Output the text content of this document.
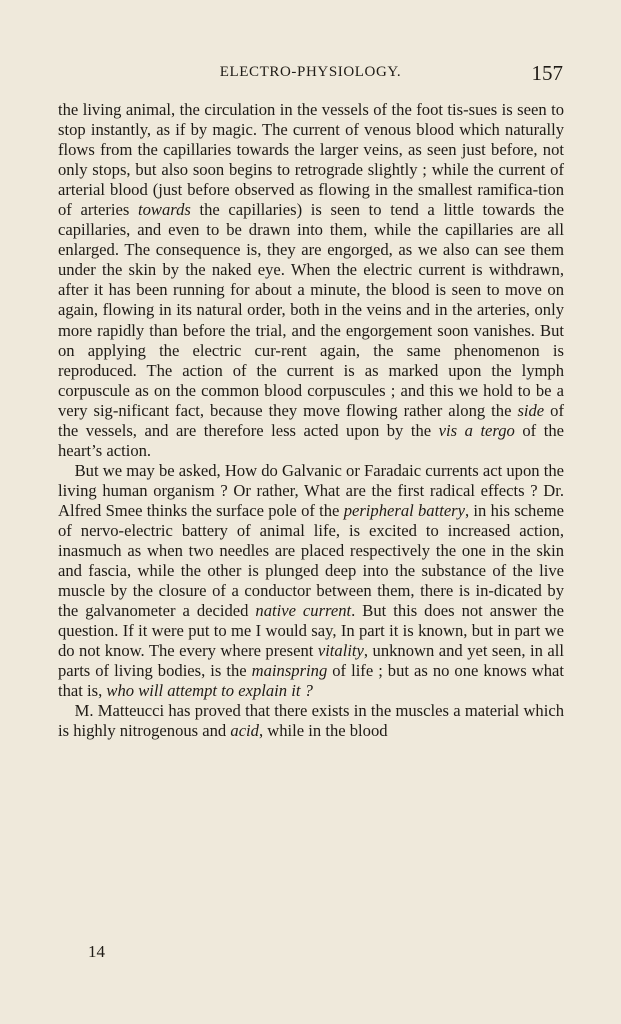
ELECTRO-PHYSIOLOGY.	157

the living animal, the circulation in the vessels of the foot tis-sues is seen to stop instantly, as if by magic. The current of venous blood which naturally flows from the capillaries towards the larger veins, as seen just before, not only stops, but also soon begins to retrograde slightly ; while the current of arterial blood (just before observed as flowing in the smallest ramifica-tion of arteries towards the capillaries) is seen to tend a little towards the capillaries, and even to be drawn into them, while the capillaries are all enlarged. The consequence is, they are engorged, as we also can see them under the skin by the naked eye. When the electric current is withdrawn, after it has been running for about a minute, the blood is seen to move on again, flowing in its natural order, both in the veins and in the arteries, only more rapidly than before the trial, and the engorgement soon vanishes. But on applying the electric cur-rent again, the same phenomenon is reproduced. The action of the current is as marked upon the lymph corpuscule as on the common blood corpuscules ; and this we hold to be a very sig-nificant fact, because they move flowing rather along the side of the vessels, and are therefore less acted upon by the vis a tergo of the heart’s action.

But we may be asked, How do Galvanic or Faradaic currents act upon the living human organism ? Or rather, What are the first radical effects ? Dr. Alfred Smee thinks the surface pole of the peripheral battery, in his scheme of nervo-electric battery of animal life, is excited to increased action, inasmuch as when two needles are placed respectively the one in the skin and fascia, while the other is plunged deep into the substance of the live muscle by the closure of a conductor between them, there is in-dicated by the galvanometer a decided native current. But this does not answer the question. If it were put to me I would say, In part it is known, but in part we do not know. The every where present vitality, unknown and yet seen, in all parts of living bodies, is the mainspring of life ; but as no one knows what that is, who will attempt to explain it ?

M. Matteucci has proved that there exists in the muscles a material which is highly nitrogenous and acid, while in the blood

14
